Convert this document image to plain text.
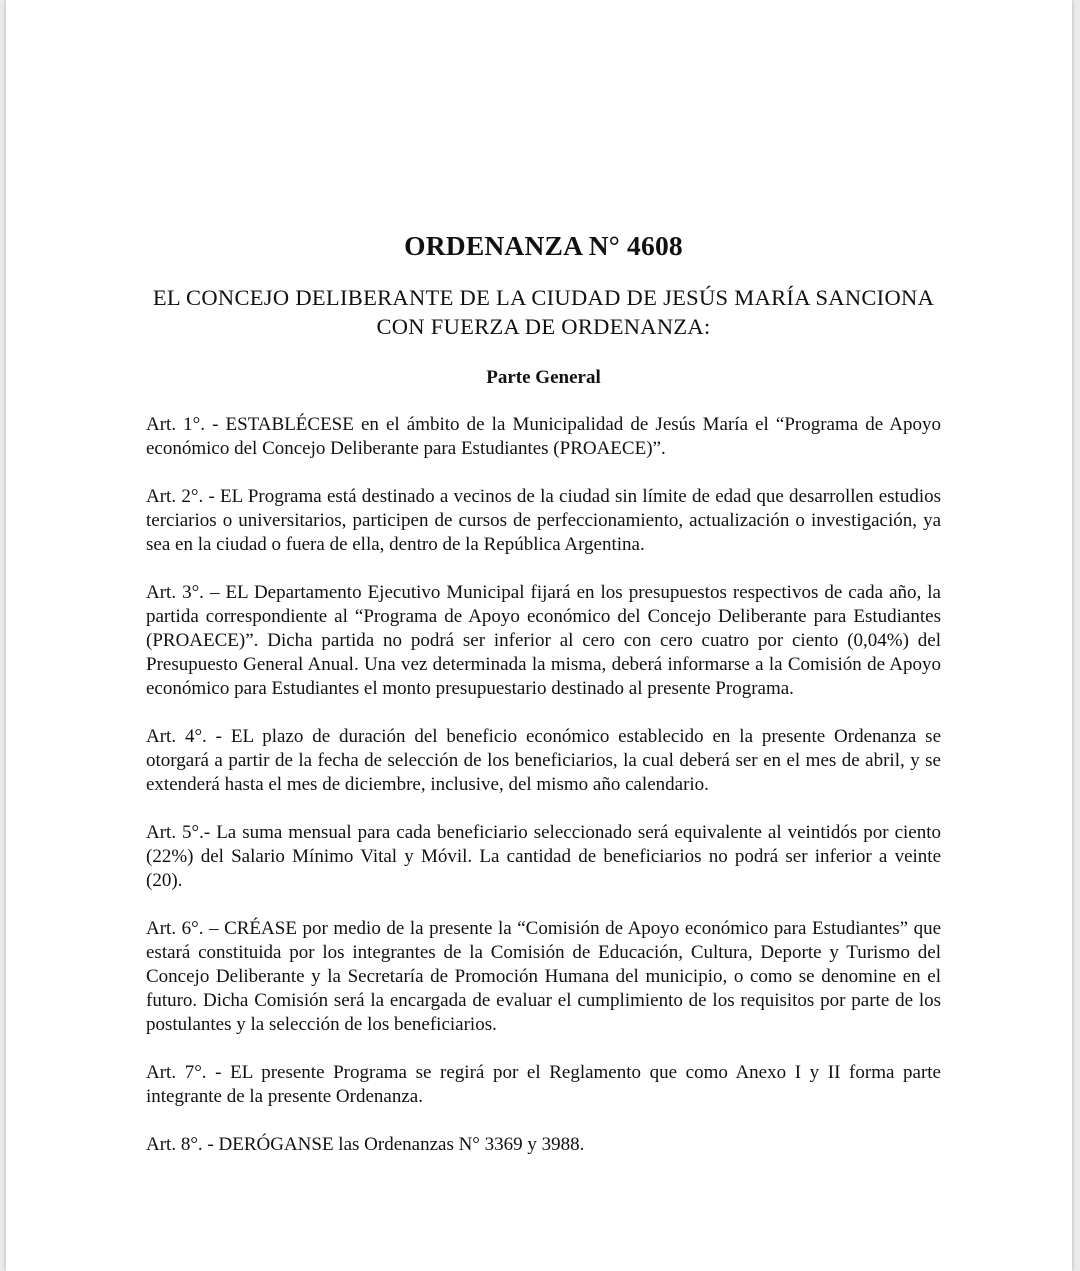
ORDENANZA N° 4608

EL CONCEJO DELIBERANTE DE LA CIUDAD DE JESÚS MARÍA SANCIONA CON FUERZA DE ORDENANZA:

Parte General

Art. 1°. - ESTABLÉCESE en el ámbito de la Municipalidad de Jesús María el “Programa de Apoyo económico del Concejo Deliberante para Estudiantes (PROAECE)”.

Art. 2°. - EL Programa está destinado a vecinos de la ciudad sin límite de edad que desarrollen estudios terciarios o universitarios, participen de cursos de perfeccionamiento, actualización o investigación, ya sea en la ciudad o fuera de ella, dentro de la República Argentina.

Art. 3°. – EL Departamento Ejecutivo Municipal fijará en los presupuestos respectivos de cada año, la partida correspondiente al “Programa de Apoyo económico del Concejo Deliberante para Estudiantes (PROAECE)”. Dicha partida no podrá ser inferior al cero con cero cuatro por ciento (0,04%) del Presupuesto General Anual. Una vez determinada la misma, deberá informarse a la Comisión de Apoyo económico para Estudiantes el monto presupuestario destinado al presente Programa.

Art. 4°. - EL plazo de duración del beneficio económico establecido en la presente Ordenanza se otorgará a partir de la fecha de selección de los beneficiarios, la cual deberá ser en el mes de abril, y se extenderá hasta el mes de diciembre, inclusive, del mismo año calendario.

Art. 5°.- La suma mensual para cada beneficiario seleccionado será equivalente al veintidós por ciento (22%) del Salario Mínimo Vital y Móvil. La cantidad de beneficiarios no podrá ser inferior a veinte (20).

Art. 6°. – CRÉASE por medio de la presente la “Comisión de Apoyo económico para Estudiantes” que estará constituida por los integrantes de la Comisión de Educación, Cultura, Deporte y Turismo del Concejo Deliberante y la Secretaría de Promoción Humana del municipio, o como se denomine en el futuro. Dicha Comisión será la encargada de evaluar el cumplimiento de los requisitos por parte de los postulantes y la selección de los beneficiarios.

Art. 7°. - EL presente Programa se regirá por el Reglamento que como Anexo I y II forma parte integrante de la presente Ordenanza.

Art. 8°. - DERÓGANSE las Ordenanzas N° 3369 y 3988.
